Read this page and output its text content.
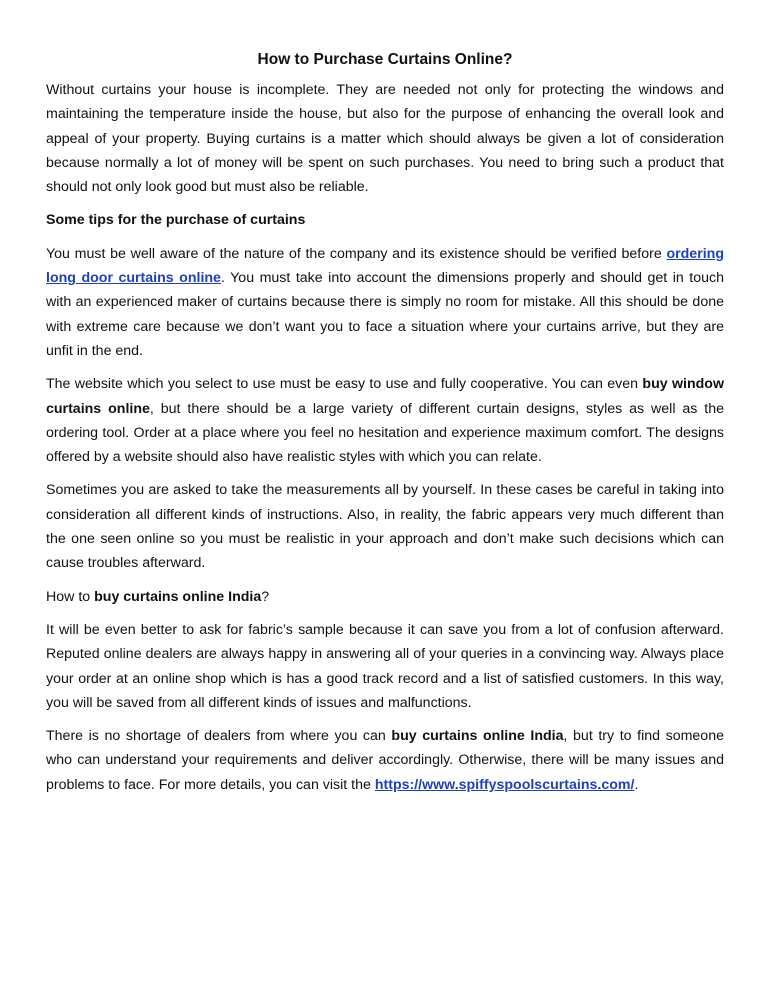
How to Purchase Curtains Online?

Without curtains your house is incomplete. They are needed not only for protecting the windows and maintaining the temperature inside the house, but also for the purpose of enhancing the overall look and appeal of your property. Buying curtains is a matter which should always be given a lot of consideration because normally a lot of money will be spent on such purchases. You need to bring such a product that should not only look good but must also be reliable.

Some tips for the purchase of curtains

You must be well aware of the nature of the company and its existence should be verified before ordering long door curtains online. You must take into account the dimensions properly and should get in touch with an experienced maker of curtains because there is simply no room for mistake. All this should be done with extreme care because we don’t want you to face a situation where your curtains arrive, but they are unfit in the end.

The website which you select to use must be easy to use and fully cooperative. You can even buy window curtains online, but there should be a large variety of different curtain designs, styles as well as the ordering tool. Order at a place where you feel no hesitation and experience maximum comfort. The designs offered by a website should also have realistic styles with which you can relate.

Sometimes you are asked to take the measurements all by yourself. In these cases be careful in taking into consideration all different kinds of instructions. Also, in reality, the fabric appears very much different than the one seen online so you must be realistic in your approach and don’t make such decisions which can cause troubles afterward.

How to buy curtains online India?

It will be even better to ask for fabric’s sample because it can save you from a lot of confusion afterward. Reputed online dealers are always happy in answering all of your queries in a convincing way. Always place your order at an online shop which is has a good track record and a list of satisfied customers. In this way, you will be saved from all different kinds of issues and malfunctions.

There is no shortage of dealers from where you can buy curtains online India, but try to find someone who can understand your requirements and deliver accordingly. Otherwise, there will be many issues and problems to face. For more details, you can visit the https://www.spiffyspoolscurtains.com/.
